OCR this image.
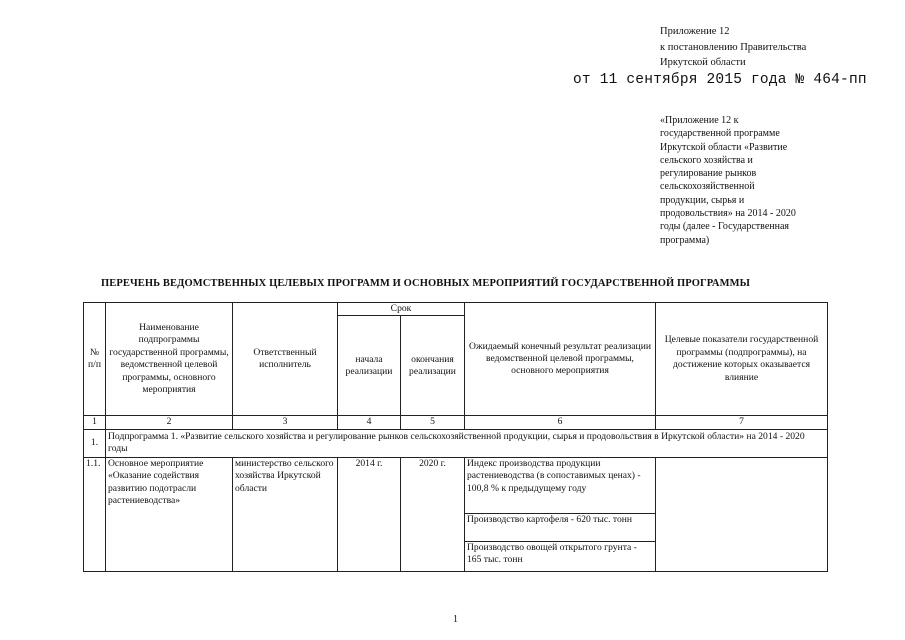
Приложение 12
к постановлению Правительства
Иркутской области
от 11 сентября 2015 года № 464-пп
«Приложение 12 к
государственной программе
Иркутской области «Развитие
сельского хозяйства и
регулирование рынков
сельскохозяйственной
продукции, сырья и
продовольствия» на 2014 - 2020
годы (далее - Государственная
программа)
ПЕРЕЧЕНЬ ВЕДОМСТВЕННЫХ ЦЕЛЕВЫХ ПРОГРАММ И ОСНОВНЫХ МЕРОПРИЯТИЙ ГОСУДАРСТВЕННОЙ ПРОГРАММЫ
№ п/п	Наименование подпрограммы государственной программы, ведомственной целевой программы, основного мероприятия	Ответственный исполнитель	Срок		Ожидаемый конечный результат реализации ведомственной целевой программы, основного мероприятия	Целевые показатели государственной программы (подпрограммы), на достижение которых оказывается влияние
			начала реализации	окончания реализации		
1	2	3	4	5	6	7
1.	Подпрограмма 1. «Развитие сельского хозяйства и регулирование рынков сельскохозяйственной продукции, сырья и продовольствия в Иркутской области» на 2014 - 2020 годы					
1.1.	Основное мероприятие «Оказание содействия развитию подотрасли растениеводства»	министерство сельского хозяйства Иркутской области	2014 г.	2020 г.	Индекс производства продукции растениеводства (в сопоставимых ценах) - 100,8 % к предыдущему году	
					Производство картофеля - 620 тыс. тонн	
					Производство овощей открытого грунта - 165 тыс. тонн	
1
